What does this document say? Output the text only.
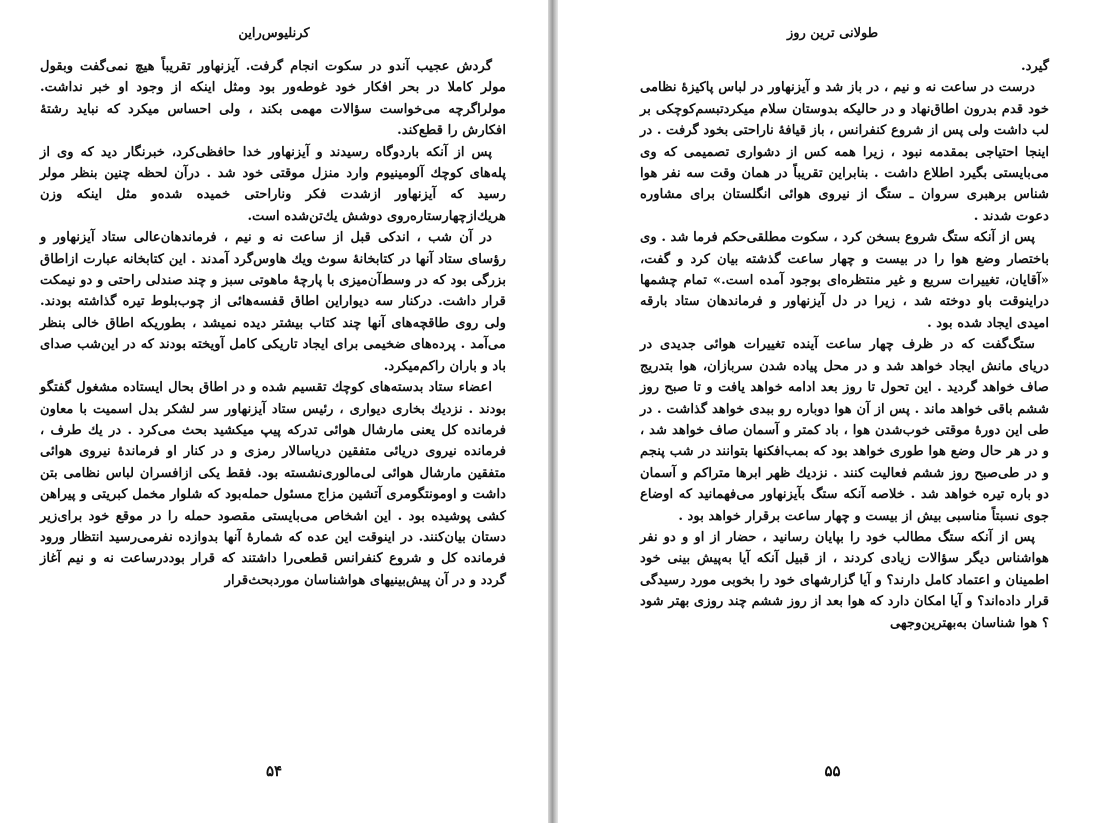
کرنلیوس‌راین

گردش عجیب آندو در سکوت انجام گرفت. آیزنهاور تقریباً هیچ نمی‌گفت وبقول مولر کاملا در بحر افکار خود غوطه‌ور بود ومثل اینکه از وجود او خبر نداشت. مولراگرچه می‌خواست سؤالات مهمی بکند ، ولی احساس میکرد که نباید رشتهٔ افکارش را قطع‌کند.

پس از آنکه باردوگاه رسیدند و آیزنهاور خدا حافظی‌کرد، خبرنگار دید که وی از پله‌های کوچك آلومینیوم وارد منزل موقتی خود شد . درآن لحظه چنین بنظر مولر رسید که آیزنهاور ازشدت فکر وناراحتی خمیده شده‌و مثل اینکه ‌وزن هریك‌ازچهارستاره‌روی دوشش یك‌تن‌شده است.

در آن شب ، اندکی قبل از ساعت نه و نیم ، فرماندهان‌عالی ستاد آیزنهاور و رؤسای ستاد آنها در کتابخانهٔ سوث ویك هاوس‌گرد آمدند . این کتابخانه عبارت ازاطاق بزرگی بود که در وسط‌آن‌میزی با پارچهٔ ماهوتی سبز و چند صندلی راحتی و دو نیمکت قرار داشت. درکنار سه دیواراین اطاق قفسه‌هائی از چوب‌بلوط تیره گذاشته بودند. ولی روی طاقچه‌های آنها چند کتاب بیشتر دیده نمیشد ، بطوریکه اطاق خالی بنظر می‌آمد . پرده‌های ضخیمی برای ایجاد تاریکی کامل آویخته بودند که در این‌شب صدای باد و باران راکم‌میکرد.

اعضاء ستاد بدسته‌های کوچك تقسیم شده و در اطاق بحال ایستاده مشغول گفتگو بودند . نزدیك بخاری دیواری ، رئیس ستاد آیزنهاور سر لشکر بدل اسمیت با معاون فرمانده کل یعنی مارشال هوائی تدرکه پیپ میکشید بحث می‌کرد . در یك طرف ، فرمانده نیروی دریائی متفقین دریاسالار رمزی و در کنار او فرماندهٔ نیروی هوائی متفقین مارشال هوائی لی‌مالوری‌نشسته بود. فقط یکی ازافسران لباس نظامی بتن داشت و اومونتگومری آتشین مزاج مسئول حمله‌بود که شلوار مخمل کبریتی و پیراهن کشی پوشیده بود . این اشخاص می‌بایستی مقصود حمله را در موقع خود برای‌زیر دستان بیان‌کنند. در اینوقت این عده که شمارهٔ آنها بدوازده نفرمی‌رسید انتظار ورود فرمانده کل و شروع کنفرانس قطعی‌را داشتند که قرار بوددرساعت نه و نیم آغاز گردد و در آن پیش‌بینیهای هواشناسان موردبحث‌قرار

۵۴
طولانی ترین روز

گیرد.

درست در ساعت نه و نیم ، در باز شد و آیزنهاور در لباس پاکیزهٔ نظامی خود قدم بدرون اطاق‌نهاد و در حالیکه بدوستان سلام میکردتبسم‌کوچکی بر لب داشت ولی پس از شروع کنفرانس ، باز قیافهٔ ناراحتی بخود گرفت . در اینجا احتیاجی بمقدمه نبود ، زیرا همه کس از دشواری تصمیمی که وی می‌بایستی بگیرد اطلاع داشت . بنابراین تقریباً در همان وقت سه نفر هوا شناس برهبری سروان ـ ستگ از نیروی هوائی انگلستان برای مشاوره دعوت شدند .

پس از آنکه ستگ شروع بسخن کرد ، سکوت مطلقی‌حکم فرما شد . وی باختصار وضع هوا را در بیست و چهار ساعت گذشته بیان کرد و گفت، «آقایان، تغییرات سریع و غیر منتظره‌ای بوجود آمده است.» تمام چشمها دراینوقت باو دوخته شد ، زیرا در دل آیزنهاور و فرماندهان ستاد بارقه امیدی ایجاد شده بود .

ستگ‌گفت که در ظرف چهار ساعت آینده تغییرات هوائی جدیدی در دریای مانش ایجاد خواهد شد و در محل پیاده شدن سربازان، هوا بتدریج صاف خواهد گردید . این تحول تا روز بعد ادامه خواهد یافت و تا صبح روز ششم باقی خواهد ماند . پس از آن هوا دوباره رو ببدی خواهد گذاشت . در طی این دورهٔ موقتی خوب‌شدن هوا ، باد کمتر و آسمان صاف خواهد شد ، و در هر حال وضع هوا طوری خواهد بود که بمب‌افکنها بتوانند در شب پنجم و در طی‌صبح روز ششم فعالیت کنند . نزدیك ظهر ابرها متراکم و آسمان دو باره تیره خواهد شد . خلاصه آنکه ستگ بآیزنهاور می‌فهمانید که اوضاع جوی نسبتاً مناسبی بیش از بیست و چهار ساعت برقرار خواهد بود .

پس از آنکه ستگ مطالب خود را بپایان رسانید ، حضار از او و دو نفر هواشناس دیگر سؤالات زیادی کردند ، از قبیل آنکه آیا به‌پیش بینی خود اطمینان و اعتماد کامل دارند؟ و آیا گزارشهای خود را بخوبی مورد رسیدگی قرار داده‌اند؟ و آیا امکان دارد که هوا بعد از روز ششم چند روزی بهتر شود ؟ هوا شناسان به‌بهترین‌وجهی

۵۵
